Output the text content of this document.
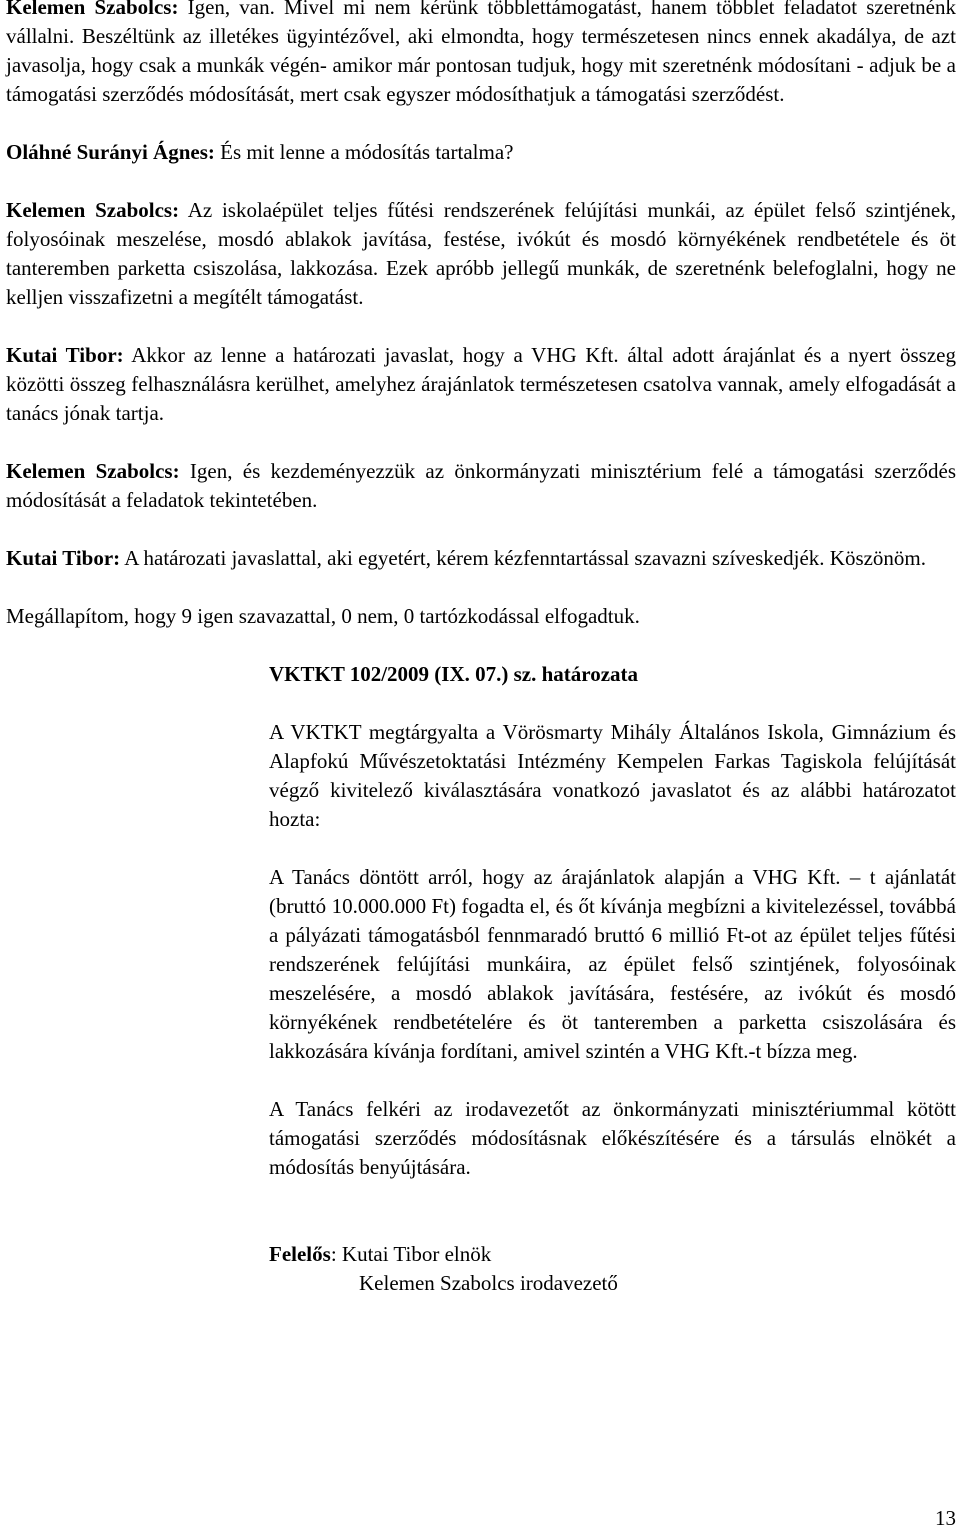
Kelemen Szabolcs: Igen, van. Mivel mi nem kérünk többlettámogatást, hanem többlet feladatot szeretnénk vállalni. Beszéltünk az illetékes ügyintézővel, aki elmondta, hogy természetesen nincs ennek akadálya, de azt javasolja, hogy csak a munkák végén- amikor már pontosan tudjuk, hogy mit szeretnénk módosítani - adjuk be a támogatási szerződés módosítását, mert csak egyszer módosíthatjuk a támogatási szerződést.

Oláhné Surányi Ágnes: És mit lenne a módosítás tartalma?

Kelemen Szabolcs: Az iskolaépület teljes fűtési rendszerének felújítási munkái, az épület felső szintjének, folyosóinak meszelése, mosdó ablakok javítása, festése, ivókút és mosdó környékének rendbetétele és öt tanteremben parketta csiszolása, lakkozása. Ezek apróbb jellegű munkák, de szeretnénk belefoglalni, hogy ne kelljen visszafizetni a megítélt támogatást.

Kutai Tibor: Akkor az lenne a határozati javaslat, hogy a VHG Kft. által adott árajánlat és a nyert összeg közötti összeg felhasználásra kerülhet, amelyhez árajánlatok természetesen csatolva vannak, amely elfogadását a tanács jónak tartja.

Kelemen Szabolcs: Igen, és kezdeményezzük az önkormányzati minisztérium felé a támogatási szerződés módosítását a feladatok tekintetében.

Kutai Tibor: A határozati javaslattal, aki egyetért, kérem kézfenntartással szavazni szíveskedjék. Köszönöm.

Megállapítom, hogy 9 igen szavazattal, 0 nem, 0 tartózkodással elfogadtuk.

VKTKT 102/2009 (IX. 07.) sz. határozata

A VKTKT megtárgyalta a Vörösmarty Mihály Általános Iskola, Gimnázium és Alapfokú Művészetoktatási Intézmény Kempelen Farkas Tagiskola felújítását végző kivitelező kiválasztására vonatkozó javaslatot és az alábbi határozatot hozta:

A Tanács döntött arról, hogy az árajánlatok alapján a VHG Kft. – t ajánlatát (bruttó 10.000.000 Ft) fogadta el, és őt kívánja megbízni a kivitelezéssel, továbbá a pályázati támogatásból fennmaradó bruttó 6 millió Ft-ot az épület teljes fűtési rendszerének felújítási munkáira, az épület felső szintjének, folyosóinak meszelésére, a mosdó ablakok javítására, festésére, az ivókút és mosdó környékének rendbetételére és öt tanteremben a parketta csiszolására és lakkozására kívánja fordítani, amivel szintén a VHG Kft.-t bízza meg.

A Tanács felkéri az irodavezetőt az önkormányzati minisztériummal kötött támogatási szerződés módosításnak előkészítésére és a társulás elnökét a módosítás benyújtására.

Felelős: Kutai Tibor elnök
Kelemen Szabolcs irodavezető
13
